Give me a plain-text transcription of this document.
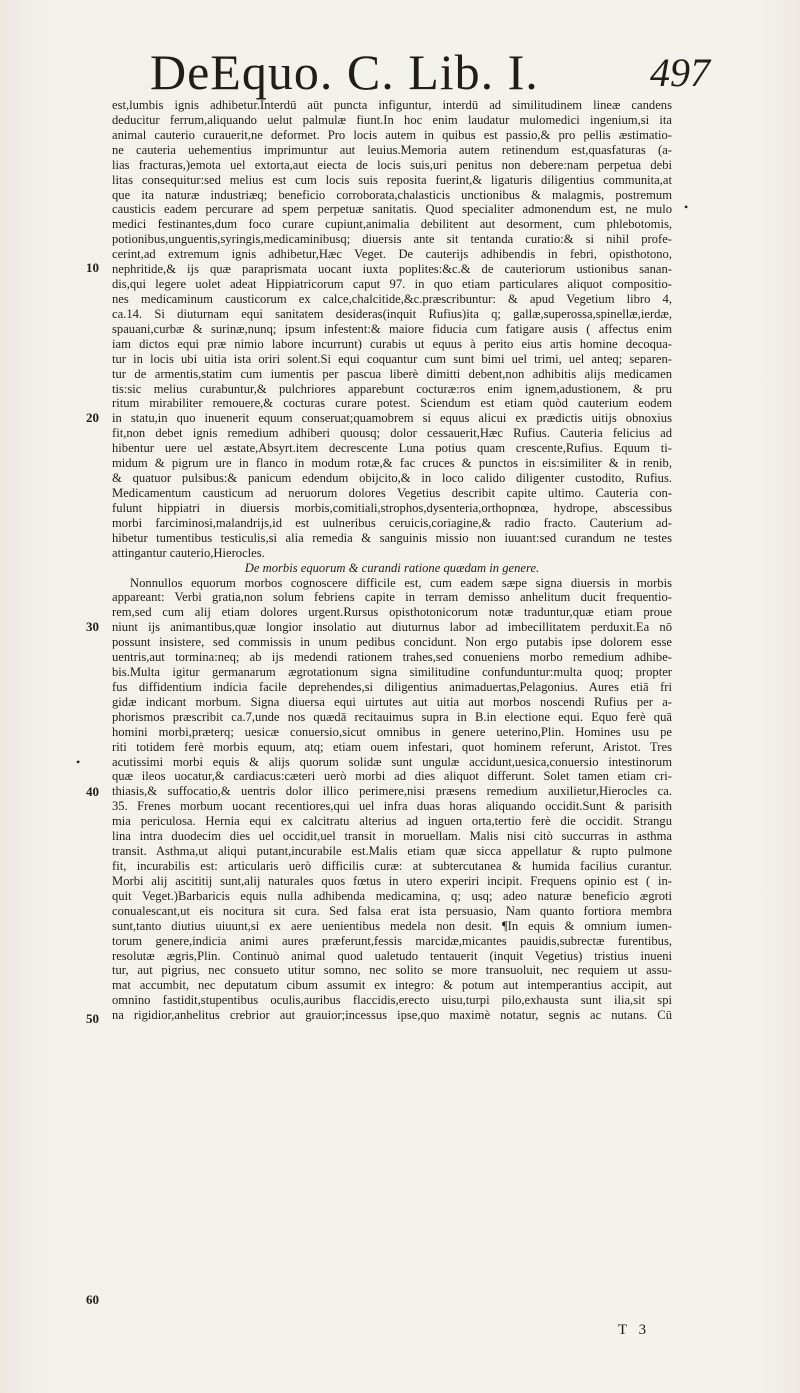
DeEquo. C. Lib. I.	497
est,lumbis ignis adhibetur.Interdū aūt puncta infiguntur, interdū ad similitudinem lineæ candens
deducitur ferrum,aliquando uelut palmulæ fiunt.In hoc enim laudatur mulomedici ingenium,si ita
animal cauterio curauerit,ne deformet. Pro locis autem in quibus est passio,& pro pellis æstimatio-
ne cauteria uehementius imprimuntur aut leuius.Memoria autem retinendum est,quasfaturas (a-
lias fracturas,)emota uel extorta,aut eiecta de locis suis,uri penitus non debere:nam perpetua debi
litas consequitur:sed melius est cum locis suis reposita fuerint,& ligaturis diligentius communita,at
que ita naturæ industriæq; beneficio corroborata,chalasticis unctionibus & malagmis, postremum
causticis eadem percurare ad spem perpetuæ sanitatis. Quod specialiter admonendum est, ne mulo
medici festinantes,dum foco curare cupiunt,animalia debilitent aut desorment, cum phlebotomis,
potionibus,unguentis,syringis,medicaminibusq; diuersis ante sit tentanda curatio:& si nihil profe-
cerint,ad extremum ignis adhibetur,Hæc Veget. De cauterijs adhibendis in febri, opisthotono,
nephritide,& ijs quæ paraprismata uocant iuxta poplites:&c.& de cauteriorum ustionibus sanan-
dis,qui legere uolet adeat Hippiatricorum caput 97. in quo etiam particulares aliquot compositio-
nes medicaminum causticorum ex calce,chalcitide,&c.præscribuntur: & apud Vegetium libro 4,
ca.14. Si diuturnam equi sanitatem desideras(inquit Rufius)ita q; gallæ,superossa,spinellæ,ierdæ,
spauani,curbæ & surinæ,nunq; ipsum infestent:& maiore fiducia cum fatigare ausis ( affectus enim
iam dictos equi præ nimio labore incurrunt) curabis ut equus à perito eius artis homine decoqua-
tur in locis ubi uitia ista oriri solent.Si equi coquantur cum sunt bimi uel trimi, uel anteq; separen-
tur de armentis,statim cum iumentis per pascua liberè dimitti debent,non adhibitis alijs medicamen
tis:sic melius curabuntur,& pulchriores apparebunt cocturæ:ros enim ignem,adustionem, & pru
ritum mirabiliter remouere,& cocturas curare potest. Sciendum est etiam quòd cauterium eodem
in statu,in quo inuenerit equum conseruat;quamobrem si equus alicui ex prædictis uitijs obnoxius
fit,non debet ignis remedium adhiberi quousq; dolor cessauerit,Hæc Rufius. Cauteria felicius ad
hibentur uere uel æstate,Absyrt.item decrescente Luna potius quam crescente,Rufius. Equum ti-
midum & pigrum ure in flanco in modum rotæ,& fac cruces & punctos in eis:similiter & in renib,
& quatuor pulsibus:& panicum edendum obijcito,& in loco calido diligenter custodito, Rufius.
Medicamentum causticum ad neruorum dolores Vegetius describit capite ultimo. Cauteria con-
fulunt hippiatri in diuersis morbis,comitiali,strophos,dysenteria,orthopnœa, hydrope, abscessibus
morbi farciminosi,malandrijs,id est uulneribus ceruicis,coriagine,& radio fracto. Cauterium ad-
hibetur tumentibus testiculis,si alia remedia & sanguinis missio non iuuant:sed curandum ne testes
attingantur cauterio,Hierocles.
De morbis equorum & curandi ratione quædam in genere.
Nonnullos equorum morbos cognoscere difficile est, cum eadem sæpe signa diuersis in morbis
appareant: Verbi gratia,non solum febriens capite in terram demisso anhelitum ducit frequentio-
rem,sed cum alij etiam dolores urgent.Rursus opisthotonicorum notæ traduntur,quæ etiam proue
niunt ijs animantibus,quæ longior insolatio aut diuturnus labor ad imbecillitatem perduxit.Ea nō
possunt insistere, sed commissis in unum pedibus concidunt. Non ergo putabis ipse dolorem esse
uentris,aut tormina:neq; ab ijs medendi rationem trahes,sed conueniens morbo remedium adhibe-
bis.Multa igitur germanarum ægrotationum signa similitudine confunduntur:multa quoq; propter
fus diffidentium indicia facile deprehendes,si diligentius animaduertas,Pelagonius. Aures etiā fri
gidæ indicant morbum. Signa diuersa equi uirtutes aut uitia aut morbos noscendi Rufius per a-
phorismos præscribit ca.7,unde nos quædā recitauimus supra in B.in electione equi. Equo ferè quā
homini morbi,præterq; uesicæ conuersio,sicut omnibus in genere ueterino,Plin. Homines usu pe
riti totidem ferè morbis equum, atq; etiam ouem infestari, quot hominem referunt, Aristot. Tres
acutissimi morbi equis & alijs quorum solidæ sunt ungulæ accidunt,uesica,conuersio intestinorum
quæ ileos uocatur,& cardiacus:cæteri uerò morbi ad dies aliquot differunt. Solet tamen etiam cri-
thiasis,& suffocatio,& uentris dolor illico perimere,nisi præsens remedium auxilietur,Hierocles ca.
35. Frenes morbum uocant recentiores,qui uel infra duas horas aliquando occidit.Sunt & parisith
mia periculosa. Hernia equi ex calcitratu alterius ad inguen orta,tertio ferè die occidit. Strangu
lina intra duodecim dies uel occidit,uel transit in moruellam. Malis nisi citò succurras in asthma
transit. Asthma,ut aliqui putant,incurabile est.Malis etiam quæ sicca appellatur & rupto pulmone
fit, incurabilis est: articularis uerò difficilis curæ: at subtercutanea & humida facilius curantur.
Morbi alij ascititij sunt,alij naturales quos fœtus in utero experiri incipit. Frequens opinio est ( in-
quit Veget.)Barbaricis equis nulla adhibenda medicamina, q; usq; adeo naturæ beneficio ægroti
conualescant,ut eis nocitura sit cura. Sed falsa erat ista persuasio, Nam quanto fortiora membra
sunt,tanto diutius uiuunt,si ex aere uenientibus medela non desit. ¶In equis & omnium iumen-
torum genere,indicia animi aures præferunt,fessis marcidæ,micantes pauidis,subrectæ furentibus,
resolutæ ægris,Plin. Continuò animal quod ualetudo tentauerit (inquit Vegetius) tristius inueni
tur, aut pigrius, nec consueto utitur somno, nec solito se more transuoluit, nec requiem ut assu-
mat accumbit, nec deputatum cibum assumit ex integro: & potum aut intemperantius accipit, aut
omnino fastidit,stupentibus oculis,auribus flaccidis,erecto uisu,turpi pilo,exhausta sunt ilia,sit spi
na rigidior,anhelitus crebrior aut grauior;incessus ipse,quo maximè notatur, segnis ac nutans. Cū
10
20
30
40
50
60
•
•
T 3
